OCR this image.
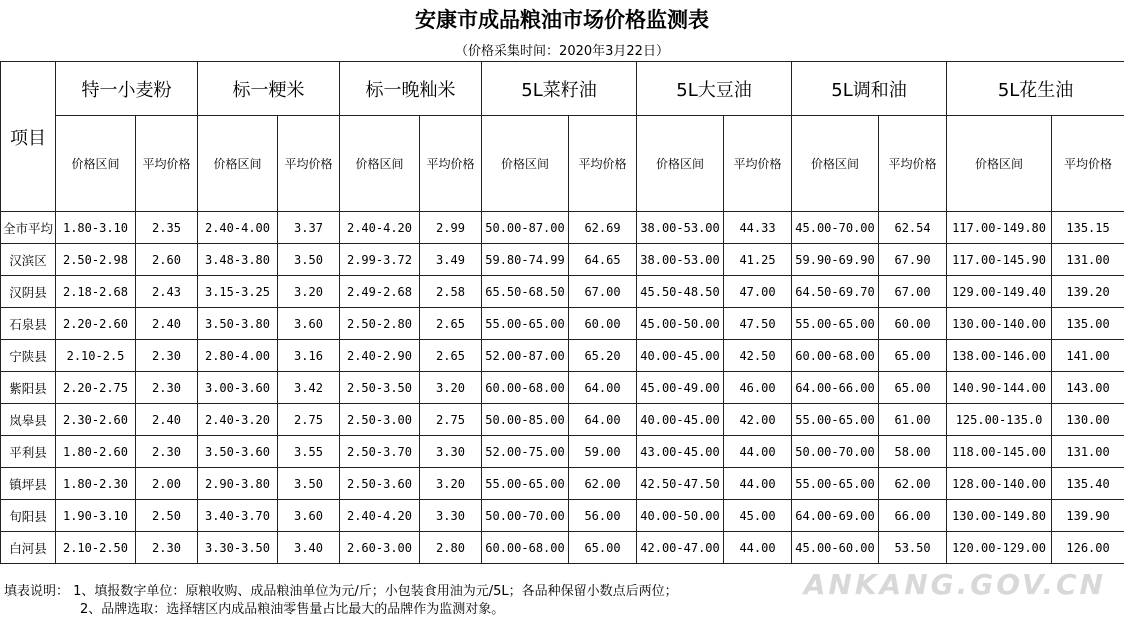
安康市成品粮油市场价格监测表
（价格采集时间：2020年3月22日）
项目	特一小麦粉		标一粳米		标一晚籼米		5L菜籽油		5L大豆油		5L调和油		5L花生油	
	价格区间	平均价格	价格区间	平均价格	价格区间	平均价格	价格区间	平均价格	价格区间	平均价格	价格区间	平均价格	价格区间	平均价格
全市平均	1.80-3.10	2.35	2.40-4.00	3.37	2.40-4.20	2.99	50.00-87.00	62.69	38.00-53.00	44.33	45.00-70.00	62.54	117.00-149.80	135.15
汉滨区	2.50-2.98	2.60	3.48-3.80	3.50	2.99-3.72	3.49	59.80-74.99	64.65	38.00-53.00	41.25	59.90-69.90	67.90	117.00-145.90	131.00
汉阴县	2.18-2.68	2.43	3.15-3.25	3.20	2.49-2.68	2.58	65.50-68.50	67.00	45.50-48.50	47.00	64.50-69.70	67.00	129.00-149.40	139.20
石泉县	2.20-2.60	2.40	3.50-3.80	3.60	2.50-2.80	2.65	55.00-65.00	60.00	45.00-50.00	47.50	55.00-65.00	60.00	130.00-140.00	135.00
宁陕县	2.10-2.5	2.30	2.80-4.00	3.16	2.40-2.90	2.65	52.00-87.00	65.20	40.00-45.00	42.50	60.00-68.00	65.00	138.00-146.00	141.00
紫阳县	2.20-2.75	2.30	3.00-3.60	3.42	2.50-3.50	3.20	60.00-68.00	64.00	45.00-49.00	46.00	64.00-66.00	65.00	140.90-144.00	143.00
岚皋县	2.30-2.60	2.40	2.40-3.20	2.75	2.50-3.00	2.75	50.00-85.00	64.00	40.00-45.00	42.00	55.00-65.00	61.00	125.00-135.0	130.00
平利县	1.80-2.60	2.30	3.50-3.60	3.55	2.50-3.70	3.30	52.00-75.00	59.00	43.00-45.00	44.00	50.00-70.00	58.00	118.00-145.00	131.00
镇坪县	1.80-2.30	2.00	2.90-3.80	3.50	2.50-3.60	3.20	55.00-65.00	62.00	42.50-47.50	44.00	55.00-65.00	62.00	128.00-140.00	135.40
旬阳县	1.90-3.10	2.50	3.40-3.70	3.60	2.40-4.20	3.30	50.00-70.00	56.00	40.00-50.00	45.00	64.00-69.00	66.00	130.00-149.80	139.90
白河县	2.10-2.50	2.30	3.30-3.50	3.40	2.60-3.00	2.80	60.00-68.00	65.00	42.00-47.00	44.00	45.00-60.00	53.50	120.00-129.00	126.00
ANKANG.GOV.CN
填表说明： 1、填报数字单位：原粮收购、成品粮油单位为元/斤；小包装食用油为元/5L；各品种保留小数点后两位；
2、品牌选取：选择辖区内成品粮油零售量占比最大的品牌作为监测对象。
